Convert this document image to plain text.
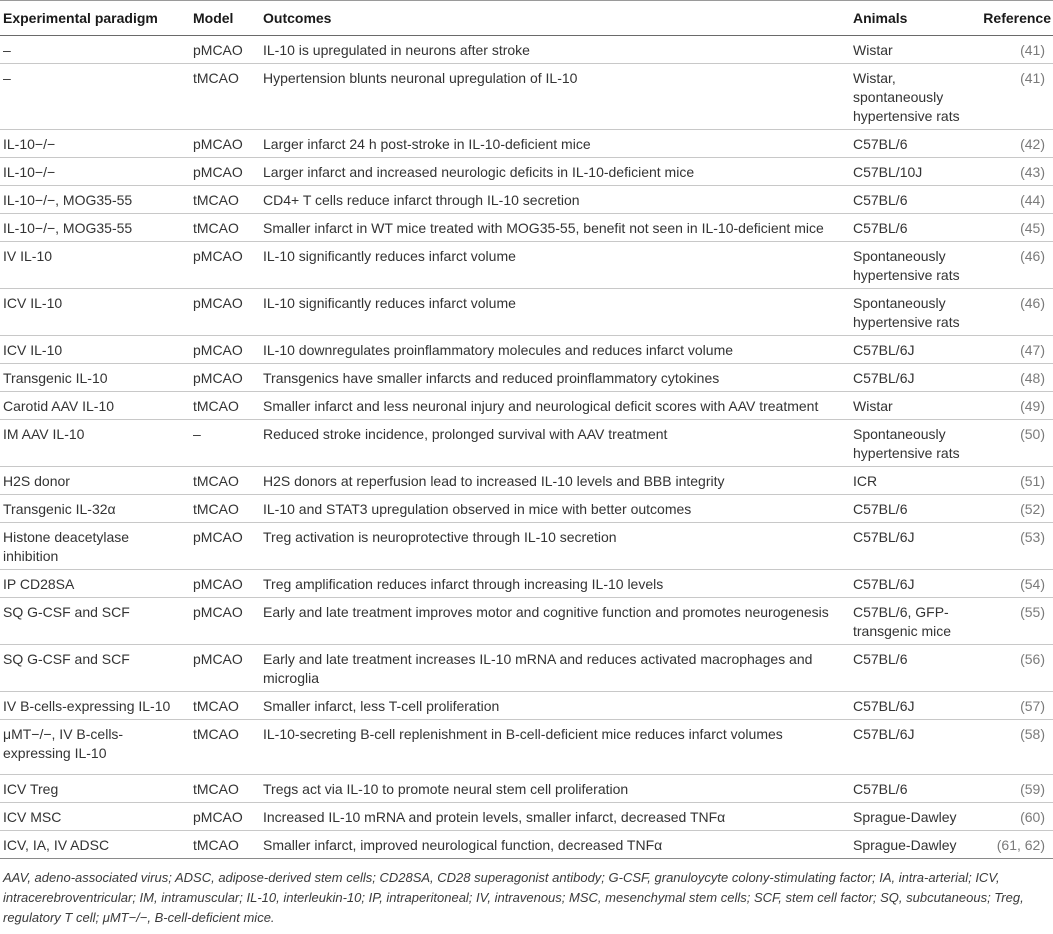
Experimental paradigm	Model	Outcomes	Animals	Reference
–	pMCAO	IL-10 is upregulated in neurons after stroke	Wistar	(41)
–	tMCAO	Hypertension blunts neuronal upregulation of IL-10	Wistar, spontaneously hypertensive rats	(41)
IL-10−/−	pMCAO	Larger infarct 24 h post-stroke in IL-10-deficient mice	C57BL/6	(42)
IL-10−/−	pMCAO	Larger infarct and increased neurologic deficits in IL-10-deficient mice	C57BL/10J	(43)
IL-10−/−, MOG35-55	tMCAO	CD4+ T cells reduce infarct through IL-10 secretion	C57BL/6	(44)
IL-10−/−, MOG35-55	tMCAO	Smaller infarct in WT mice treated with MOG35-55, benefit not seen in IL-10-deficient mice	C57BL/6	(45)
IV IL-10	pMCAO	IL-10 significantly reduces infarct volume	Spontaneously hypertensive rats	(46)
ICV IL-10	pMCAO	IL-10 significantly reduces infarct volume	Spontaneously hypertensive rats	(46)
ICV IL-10	pMCAO	IL-10 downregulates proinflammatory molecules and reduces infarct volume	C57BL/6J	(47)
Transgenic IL-10	pMCAO	Transgenics have smaller infarcts and reduced proinflammatory cytokines	C57BL/6J	(48)
Carotid AAV IL-10	tMCAO	Smaller infarct and less neuronal injury and neurological deficit scores with AAV treatment	Wistar	(49)
IM AAV IL-10	–	Reduced stroke incidence, prolonged survival with AAV treatment	Spontaneously hypertensive rats	(50)
H2S donor	tMCAO	H2S donors at reperfusion lead to increased IL-10 levels and BBB integrity	ICR	(51)
Transgenic IL-32α	tMCAO	IL-10 and STAT3 upregulation observed in mice with better outcomes	C57BL/6	(52)
Histone deacetylase inhibition	pMCAO	Treg activation is neuroprotective through IL-10 secretion	C57BL/6J	(53)
IP CD28SA	pMCAO	Treg amplification reduces infarct through increasing IL-10 levels	C57BL/6J	(54)
SQ G-CSF and SCF	pMCAO	Early and late treatment improves motor and cognitive function and promotes neurogenesis	C57BL/6, GFP-transgenic mice	(55)
SQ G-CSF and SCF	pMCAO	Early and late treatment increases IL-10 mRNA and reduces activated macrophages and microglia	C57BL/6	(56)
IV B-cells-expressing IL-10	tMCAO	Smaller infarct, less T-cell proliferation	C57BL/6J	(57)
μMT−/−, IV B-cells-expressing IL-10	tMCAO	IL-10-secreting B-cell replenishment in B-cell-deficient mice reduces infarct volumes	C57BL/6J	(58)
ICV Treg	tMCAO	Tregs act via IL-10 to promote neural stem cell proliferation	C57BL/6	(59)
ICV MSC	pMCAO	Increased IL-10 mRNA and protein levels, smaller infarct, decreased TNFα	Sprague-Dawley	(60)
ICV, IA, IV ADSC	tMCAO	Smaller infarct, improved neurological function, decreased TNFα	Sprague-Dawley	(61, 62)
AAV, adeno-associated virus; ADSC, adipose-derived stem cells; CD28SA, CD28 superagonist antibody; G-CSF, granuloycyte colony-stimulating factor; IA, intra-arterial; ICV, intracerebroventricular; IM, intramuscular; IL-10, interleukin-10; IP, intraperitoneal; IV, intravenous; MSC, mesenchymal stem cells; SCF, stem cell factor; SQ, subcutaneous; Treg, regulatory T cell; μMT−/−, B-cell-deficient mice.
